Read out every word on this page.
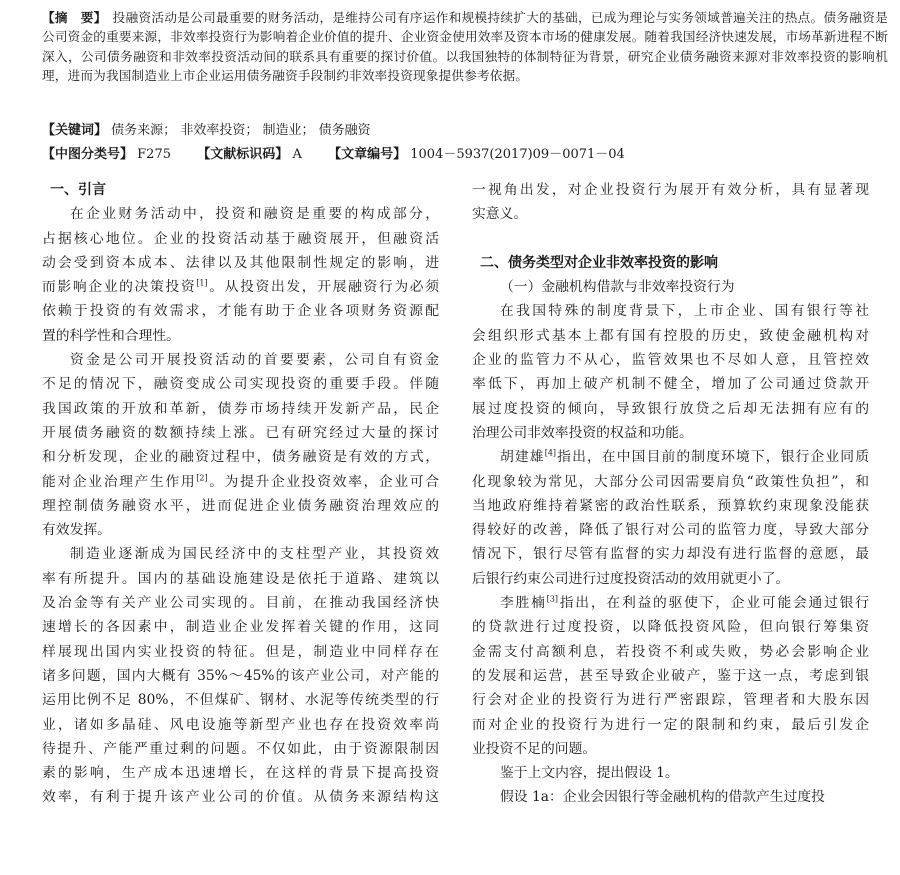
【摘　要】 投融资活动是公司最重要的财务活动，是维持公司有序运作和规模持续扩大的基础，已成为理论与实务领域普遍关注的热点。债务融资是公司资金的重要来源，非效率投资行为影响着企业价值的提升、企业资金使用效率及资本市场的健康发展。随着我国经济快速发展，市场革新进程不断深入，公司债务融资和非效率投资活动间的联系具有重要的探讨价值。以我国独特的体制特征为背景，研究企业债务融资来源对非效率投资的影响机理，进而为我国制造业上市企业运用债务融资手段制约非效率投资现象提供参考依据。
【关键词】 债务来源； 非效率投资； 制造业； 债务融资
【中图分类号】 F275 【文献标识码】 A 【文章编号】 1004－5937(2017)09－0071－04
一、引言
在企业财务活动中，投资和融资是重要的构成部分，
占据核心地位。企业的投资活动基于融资展开，但融资活
动会受到资本成本、法律以及其他限制性规定的影响，进
而影响企业的决策投资[1]。从投资出发，开展融资行为必须
依赖于投资的有效需求，才能有助于企业各项财务资源配
置的科学性和合理性。
资金是公司开展投资活动的首要要素，公司自有资金
不足的情况下，融资变成公司实现投资的重要手段。伴随
我国政策的开放和革新，债券市场持续开发新产品，民企
开展债务融资的数额持续上涨。已有研究经过大量的探讨
和分析发现，企业的融资过程中，债务融资是有效的方式，
能对企业治理产生作用[2]。为提升企业投资效率，企业可合
理控制债务融资水平，进而促进企业债务融资治理效应的
有效发挥。
制造业逐渐成为国民经济中的支柱型产业，其投资效
率有所提升。国内的基础设施建设是依托于道路、建筑以
及冶金等有关产业公司实现的。目前，在推动我国经济快
速增长的各因素中，制造业企业发挥着关键的作用，这同
样展现出国内实业投资的特征。但是，制造业中同样存在
诸多问题，国内大概有 35%～45%的该产业公司，对产能的
运用比例不足 80%，不但煤矿、钢材、水泥等传统类型的行
业，诸如多晶硅、风电设施等新型产业也存在投资效率尚
待提升、产能严重过剩的问题。不仅如此，由于资源限制因
素的影响，生产成本迅速增长，在这样的背景下提高投资
效率，有利于提升该产业公司的价值。从债务来源结构这
一视角出发，对企业投资行为展开有效分析，具有显著现
实意义。
二、债务类型对企业非效率投资的影响
（一）金融机构借款与非效率投资行为
在我国特殊的制度背景下，上市企业、国有银行等社
会组织形式基本上都有国有控股的历史，致使金融机构对
企业的监管力不从心，监管效果也不尽如人意，且管控效
率低下，再加上破产机制不健全，增加了公司通过贷款开
展过度投资的倾向，导致银行放贷之后却无法拥有应有的
治理公司非效率投资的权益和功能。
胡建雄[4]指出，在中国目前的制度环境下，银行企业同质
化现象较为常见，大部分公司因需要肩负“政策性负担”，和
当地政府维持着紧密的政治性联系，预算软约束现象没能获
得较好的改善，降低了银行对公司的监管力度，导致大部分
情况下，银行尽管有监督的实力却没有进行监督的意愿，最
后银行约束公司进行过度投资活动的效用就更小了。
李胜楠[3]指出，在利益的驱使下，企业可能会通过银行
的贷款进行过度投资，以降低投资风险，但向银行筹集资
金需支付高额利息，若投资不利或失败，势必会影响企业
的发展和运营，甚至导致企业破产，鉴于这一点，考虑到银
行会对企业的投资行为进行严密跟踪，管理者和大股东因
而对企业的投资行为进行一定的限制和约束，最后引发企
业投资不足的问题。
鉴于上文内容，提出假设 1。
假设 1a：企业会因银行等金融机构的借款产生过度投
